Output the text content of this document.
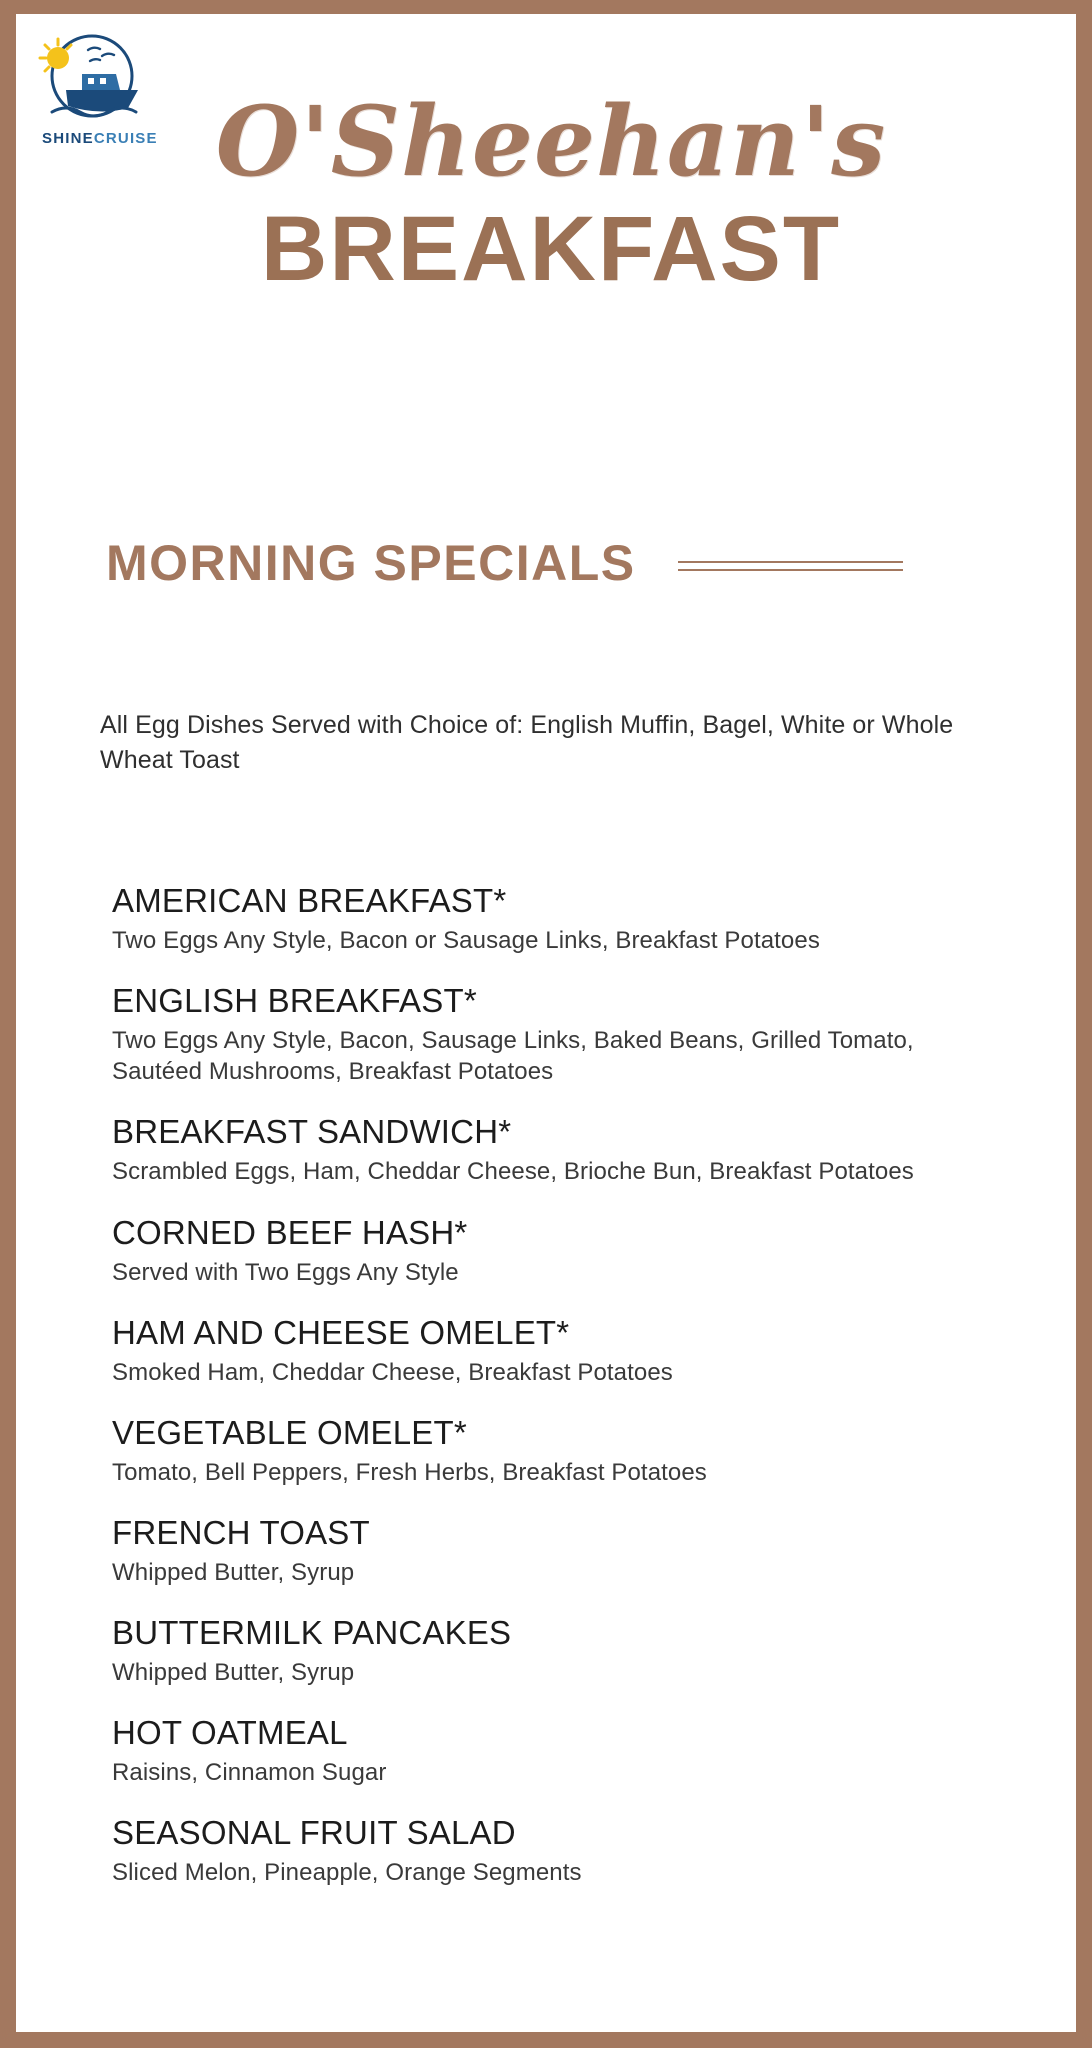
SHINECRUISE O'Sheehan's
BREAKFAST
MORNING SPECIALS
All Egg Dishes Served with Choice of: English Muffin, Bagel, White or Whole Wheat Toast
AMERICAN BREAKFAST*
Two Eggs Any Style, Bacon or Sausage Links, Breakfast Potatoes
ENGLISH BREAKFAST*
Two Eggs Any Style, Bacon, Sausage Links, Baked Beans, Grilled Tomato, Sautéed Mushrooms, Breakfast Potatoes
BREAKFAST SANDWICH*
Scrambled Eggs, Ham, Cheddar Cheese, Brioche Bun, Breakfast Potatoes
CORNED BEEF HASH*
Served with Two Eggs Any Style
HAM AND CHEESE OMELET*
Smoked Ham, Cheddar Cheese, Breakfast Potatoes
VEGETABLE OMELET*
Tomato, Bell Peppers, Fresh Herbs, Breakfast Potatoes
FRENCH TOAST
Whipped Butter, Syrup
BUTTERMILK PANCAKES
Whipped Butter, Syrup
HOT OATMEAL
Raisins, Cinnamon Sugar
SEASONAL FRUIT SALAD
Sliced Melon, Pineapple, Orange Segments
